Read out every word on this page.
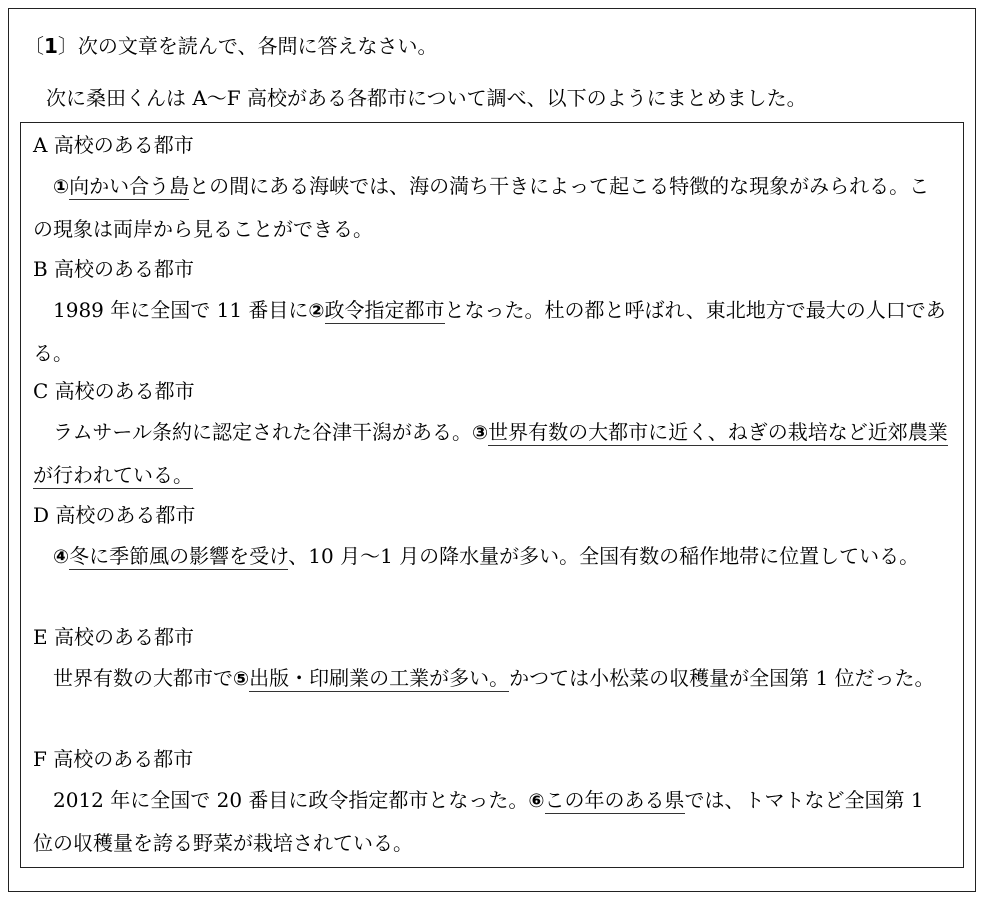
〔1〕次の文章を読んで、各問に答えなさい。
次に桑田くんは A～F 高校がある各都市について調べ、以下のようにまとめました。
A 高校のある都市
①向かい合う島との間にある海峡では、海の満ち干きによって起こる特徴的な現象がみられる。この現象は両岸から見ることができる。
B 高校のある都市
1989 年に全国で 11 番目に②政令指定都市となった。杜の都と呼ばれ、東北地方で最大の人口である。
C 高校のある都市
ラムサール条約に認定された谷津干潟がある。③世界有数の大都市に近く、ねぎの栽培など近郊農業が行われている。
D 高校のある都市
④冬に季節風の影響を受け、10 月～1 月の降水量が多い。全国有数の稲作地帯に位置している。
E 高校のある都市
世界有数の大都市で⑤出版・印刷業の工業が多い。かつては小松菜の収穫量が全国第 1 位だった。
F 高校のある都市
2012 年に全国で 20 番目に政令指定都市となった。⑥この年のある県では、トマトなど全国第 1 位の収穫量を誇る野菜が栽培されている。
